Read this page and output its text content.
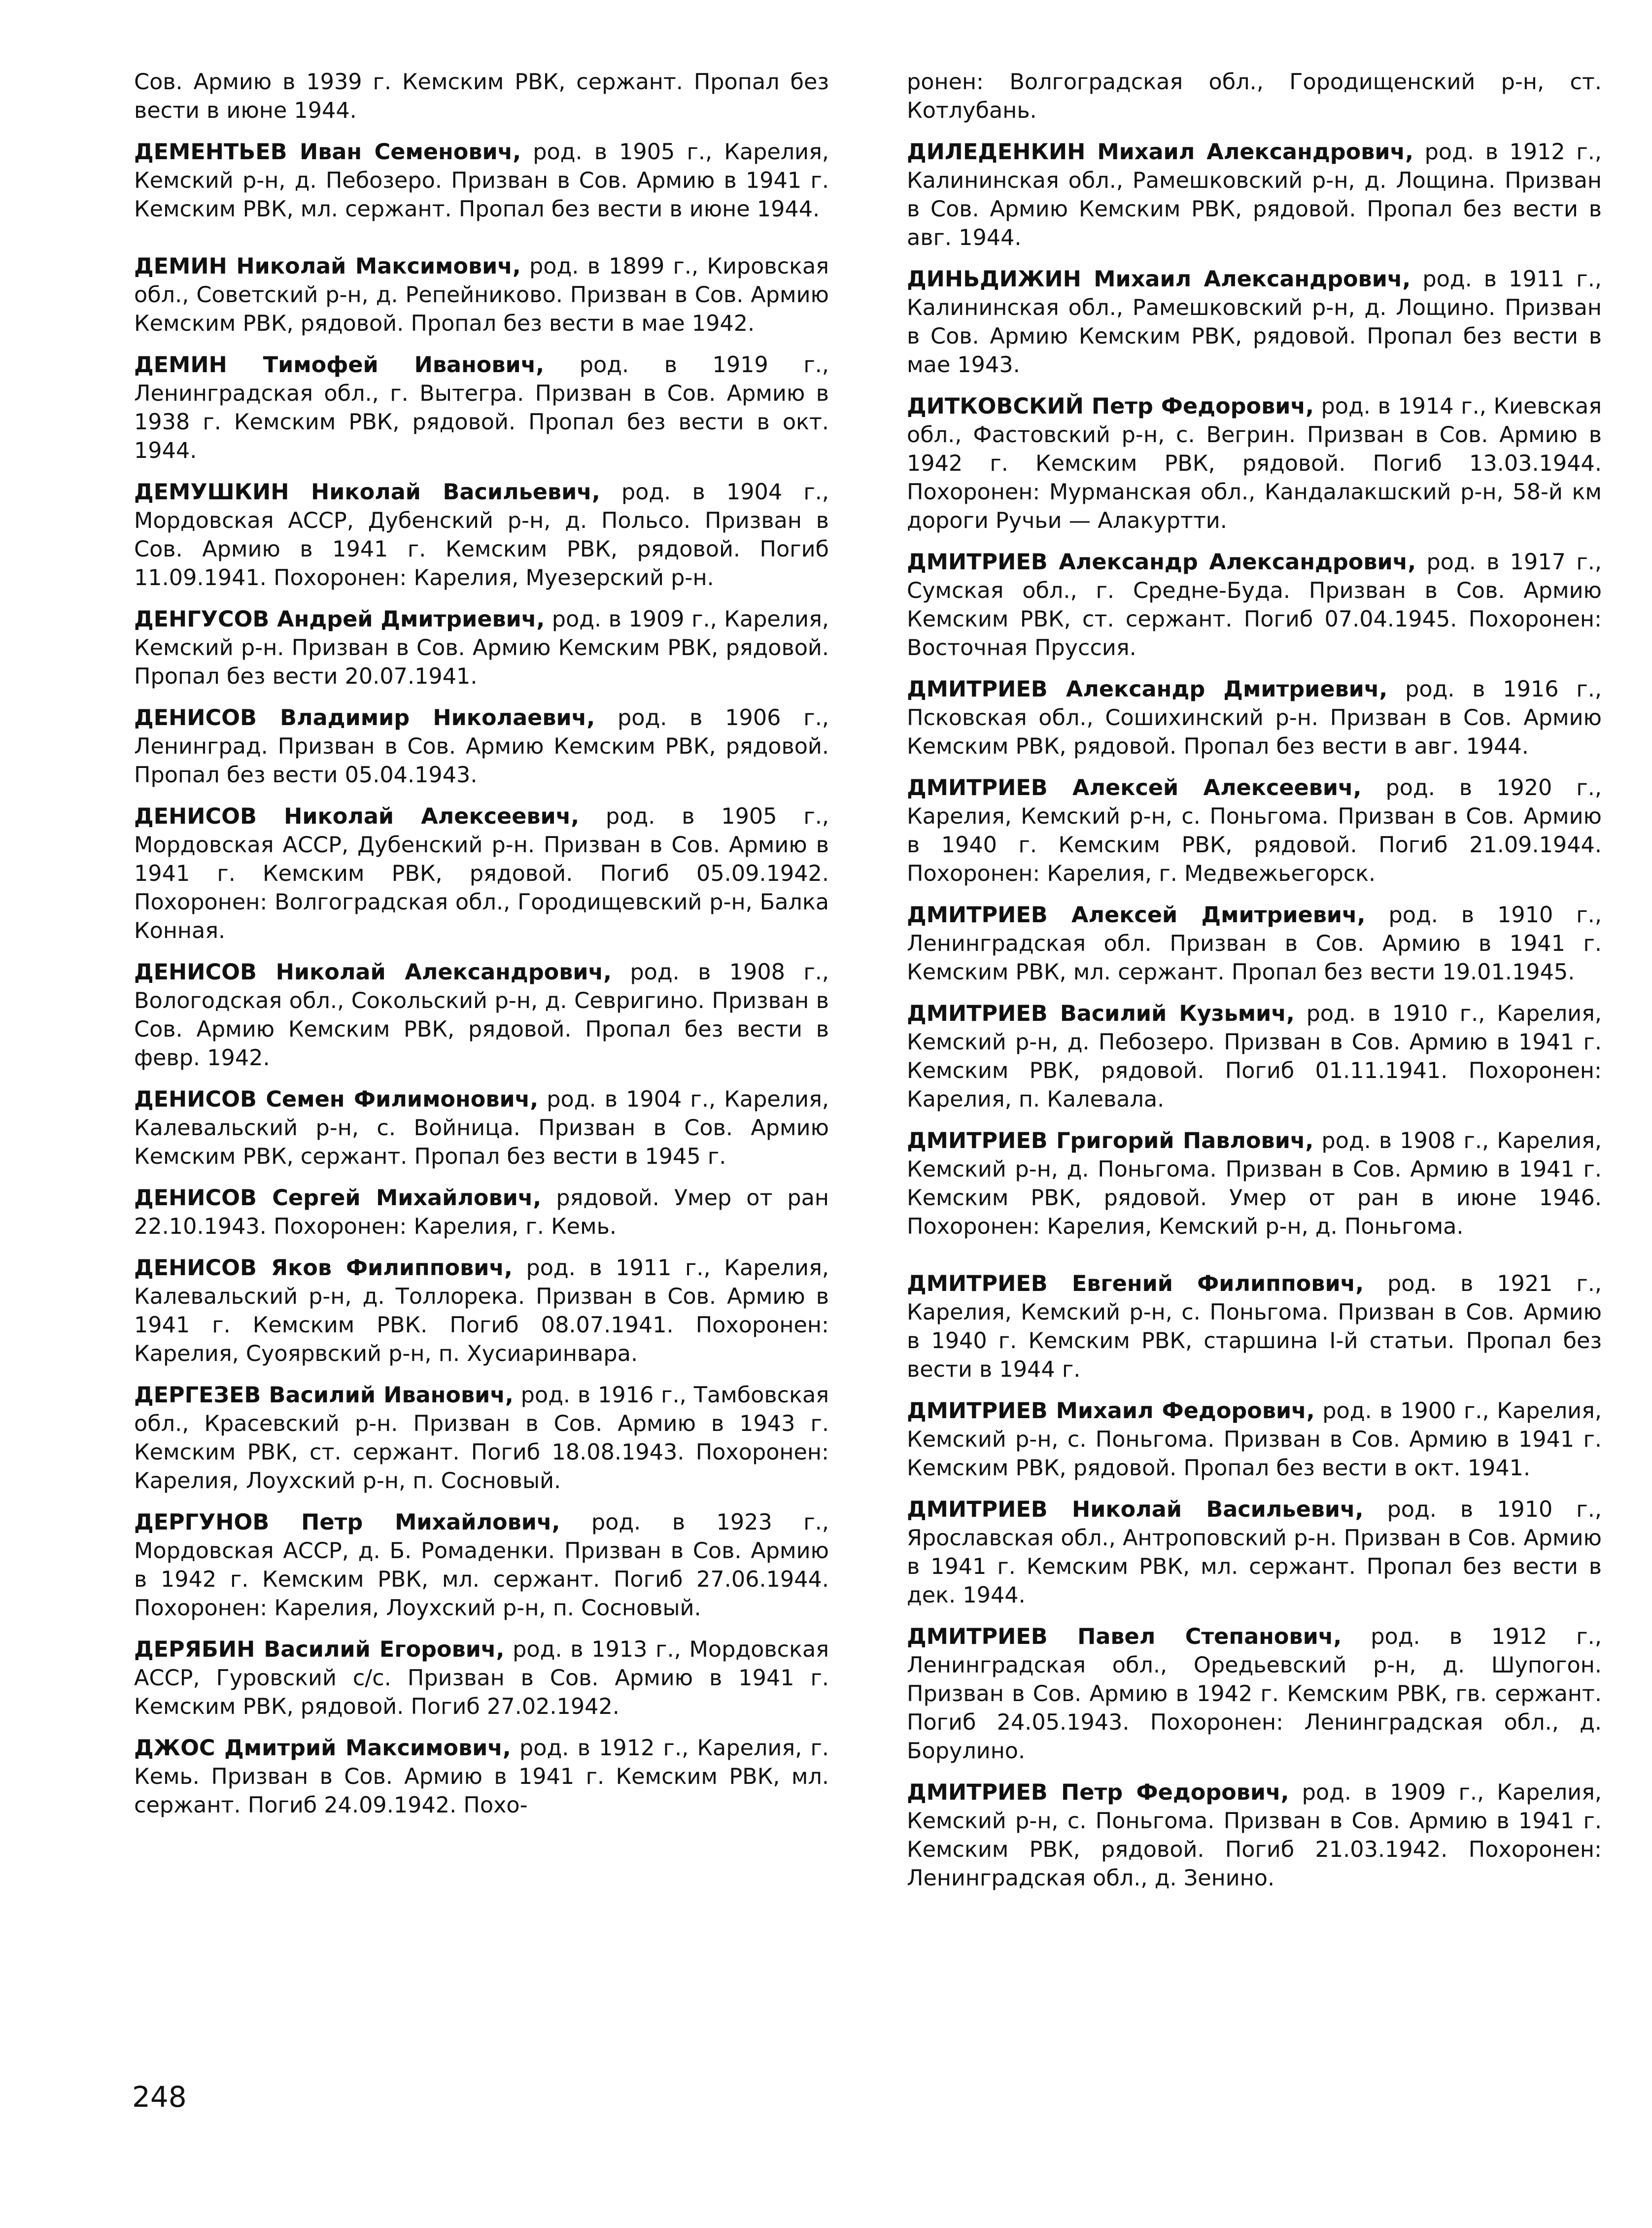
Сов. Армию в 1939 г. Кемским РВК, сержант. Пропал без вести в июне 1944.

ДЕМЕНТЬЕВ Иван Семенович, род. в 1905 г., Карелия, Кемский р-н, д. Пебозеро. Призван в Сов. Армию в 1941 г. Кемским РВК, мл. сержант. Пропал без вести в июне 1944.

ДЕМИН Николай Максимович, род. в 1899 г., Кировская обл., Советский р-н, д. Репейниково. Призван в Сов. Армию Кемским РВК, рядовой. Пропал без вести в мае 1942.

ДЕМИН Тимофей Иванович, род. в 1919 г., Ленинградская обл., г. Вытегра. Призван в Сов. Армию в 1938 г. Кемским РВК, рядовой. Пропал без вести в окт. 1944.

ДЕМУШКИН Николай Васильевич, род. в 1904 г., Мордовская АССР, Дубенский р-н, д. Польсо. Призван в Сов. Армию в 1941 г. Кемским РВК, рядовой. Погиб 11.09.1941. Похоронен: Карелия, Муезерский р-н.

ДЕНГУСОВ Андрей Дмитриевич, род. в 1909 г., Карелия, Кемский р-н. Призван в Сов. Армию Кемским РВК, рядовой. Пропал без вести 20.07.1941.

ДЕНИСОВ Владимир Николаевич, род. в 1906 г., Ленинград. Призван в Сов. Армию Кемским РВК, рядовой. Пропал без вести 05.04.1943.

ДЕНИСОВ Николай Алексеевич, род. в 1905 г., Мордовская АССР, Дубенский р-н. Призван в Сов. Армию в 1941 г. Кемским РВК, рядовой. Погиб 05.09.1942. Похоронен: Волгоградская обл., Городищевский р-н, Балка Конная.

ДЕНИСОВ Николай Александрович, род. в 1908 г., Вологодская обл., Сокольский р-н, д. Севригино. Призван в Сов. Армию Кемским РВК, рядовой. Пропал без вести в февр. 1942.

ДЕНИСОВ Семен Филимонович, род. в 1904 г., Карелия, Калевальский р-н, с. Войница. Призван в Сов. Армию Кемским РВК, сержант. Пропал без вести в 1945 г.

ДЕНИСОВ Сергей Михайлович, рядовой. Умер от ран 22.10.1943. Похоронен: Карелия, г. Кемь.

ДЕНИСОВ Яков Филиппович, род. в 1911 г., Карелия, Калевальский р-н, д. Толлорека. Призван в Сов. Армию в 1941 г. Кемским РВК. Погиб 08.07.1941. Похоронен: Карелия, Суоярвский р-н, п. Хусиаринвара.

ДЕРГЕЗЕВ Василий Иванович, род. в 1916 г., Тамбовская обл., Красевский р-н. Призван в Сов. Армию в 1943 г. Кемским РВК, ст. сержант. Погиб 18.08.1943. Похоронен: Карелия, Лоухский р-н, п. Сосновый.

ДЕРГУНОВ Петр Михайлович, род. в 1923 г., Мордовская АССР, д. Б. Ромаденки. Призван в Сов. Армию в 1942 г. Кемским РВК, мл. сержант. Погиб 27.06.1944. Похоронен: Карелия, Лоухский р-н, п. Сосновый.

ДЕРЯБИН Василий Егорович, род. в 1913 г., Мордовская АССР, Гуровский с/с. Призван в Сов. Армию в 1941 г. Кемским РВК, рядовой. Погиб 27.02.1942.

ДЖОС Дмитрий Максимович, род. в 1912 г., Карелия, г. Кемь. Призван в Сов. Армию в 1941 г. Кемским РВК, мл. сержант. Погиб 24.09.1942. Похо-

ронен: Волгоградская обл., Городищенский р-н, ст. Котлубань.

ДИЛЕДЕНКИН Михаил Александрович, род. в 1912 г., Калининская обл., Рамешковский р-н, д. Лощина. Призван в Сов. Армию Кемским РВК, рядовой. Пропал без вести в авг. 1944.

ДИНЬДИЖИН Михаил Александрович, род. в 1911 г., Калининская обл., Рамешковский р-н, д. Лощино. Призван в Сов. Армию Кемским РВК, рядовой. Пропал без вести в мае 1943.

ДИТКОВСКИЙ Петр Федорович, род. в 1914 г., Киевская обл., Фастовский р-н, с. Вегрин. Призван в Сов. Армию в 1942 г. Кемским РВК, рядовой. Погиб 13.03.1944. Похоронен: Мурманская обл., Кандалакшский р-н, 58-й км дороги Ручьи — Алакуртти.

ДМИТРИЕВ Александр Александрович, род. в 1917 г., Сумская обл., г. Средне-Буда. Призван в Сов. Армию Кемским РВК, ст. сержант. Погиб 07.04.1945. Похоронен: Восточная Пруссия.

ДМИТРИЕВ Александр Дмитриевич, род. в 1916 г., Псковская обл., Сошихинский р-н. Призван в Сов. Армию Кемским РВК, рядовой. Пропал без вести в авг. 1944.

ДМИТРИЕВ Алексей Алексеевич, род. в 1920 г., Карелия, Кемский р-н, с. Поньгома. Призван в Сов. Армию в 1940 г. Кемским РВК, рядовой. Погиб 21.09.1944. Похоронен: Карелия, г. Медвежьегорск.

ДМИТРИЕВ Алексей Дмитриевич, род. в 1910 г., Ленинградская обл. Призван в Сов. Армию в 1941 г. Кемским РВК, мл. сержант. Пропал без вести 19.01.1945.

ДМИТРИЕВ Василий Кузьмич, род. в 1910 г., Карелия, Кемский р-н, д. Пебозеро. Призван в Сов. Армию в 1941 г. Кемским РВК, рядовой. Погиб 01.11.1941. Похоронен: Карелия, п. Калевала.

ДМИТРИЕВ Григорий Павлович, род. в 1908 г., Карелия, Кемский р-н, д. Поньгома. Призван в Сов. Армию в 1941 г. Кемским РВК, рядовой. Умер от ран в июне 1946. Похоронен: Карелия, Кемский р-н, д. Поньгома.

ДМИТРИЕВ Евгений Филиппович, род. в 1921 г., Карелия, Кемский р-н, с. Поньгома. Призван в Сов. Армию в 1940 г. Кемским РВК, старшина I-й статьи. Пропал без вести в 1944 г.

ДМИТРИЕВ Михаил Федорович, род. в 1900 г., Карелия, Кемский р-н, с. Поньгома. Призван в Сов. Армию в 1941 г. Кемским РВК, рядовой. Пропал без вести в окт. 1941.

ДМИТРИЕВ Николай Васильевич, род. в 1910 г., Ярославская обл., Антроповский р-н. Призван в Сов. Армию в 1941 г. Кемским РВК, мл. сержант. Пропал без вести в дек. 1944.

ДМИТРИЕВ Павел Степанович, род. в 1912 г., Ленинградская обл., Оредьевский р-н, д. Шупогон. Призван в Сов. Армию в 1942 г. Кемским РВК, гв. сержант. Погиб 24.05.1943. Похоронен: Ленинградская обл., д. Борулино.

ДМИТРИЕВ Петр Федорович, род. в 1909 г., Карелия, Кемский р-н, с. Поньгома. Призван в Сов. Армию в 1941 г. Кемским РВК, рядовой. Погиб 21.03.1942. Похоронен: Ленинградская обл., д. Зенино.

248
